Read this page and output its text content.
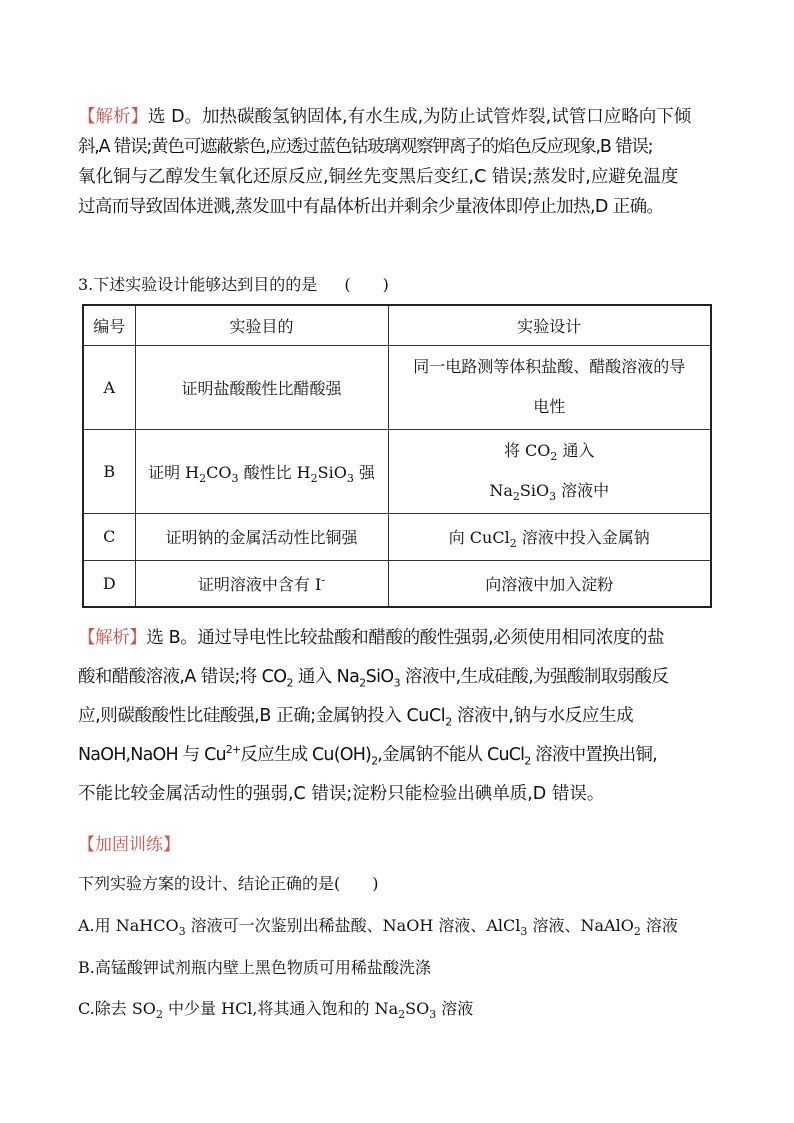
【解析】选 D。加热碳酸氢钠固体,有水生成,为防止试管炸裂,试管口应略向下倾
斜,A 错误;黄色可遮蔽紫色,应透过蓝色钴玻璃观察钾离子的焰色反应现象,B 错误;
氧化铜与乙醇发生氧化还原反应,铜丝先变黑后变红,C 错误;蒸发时,应避免温度
过高而导致固体迸溅,蒸发皿中有晶体析出并剩余少量液体即停止加热,D 正确。
3.下述实验设计能够达到目的的是 (　　)
编号	实验目的	实验设计
A	证明盐酸酸性比醋酸强	同一电路测等体积盐酸、醋酸溶液的导
电性

B	证明 $H_2CO_3$ 酸性比 $H_2SiO_3$ 强	将 $CO_2$ 通入
$Na_2SiO_3$ 溶液中

C	证明钠的金属活动性比铜强	向 CuCl$_2$ 溶液中投入金属钠
D	证明溶液中含有 I-	向溶液中加入淀粉
【解析】选 B。通过导电性比较盐酸和醋酸的酸性强弱,必须使用相同浓度的盐
酸和醋酸溶液,A 错误;将 $CO_2$ 通入 $Na_2SiO_3$ 溶液中,生成硅酸,为强酸制取弱酸反
应,则碳酸酸性比硅酸强,B 正确;金属钠投入 CuCl$_2$ 溶液中,钠与水反应生成
NaOH,NaOH 与 $Cu^{2+}$反应生成 $Cu(OH)_2$,金属钠不能从 CuCl$_2$ 溶液中置换出铜,
不能比较金属活动性的强弱,C 错误;淀粉只能检验出碘单质,D 错误。
【加固训练】
下列实验方案的设计、结论正确的是(　　)
A.用 NaHCO$_3$ 溶液可一次鉴别出稀盐酸、NaOH 溶液、AlCl$_3$ 溶液、NaAlO$_2$ 溶液
B.高锰酸钾试剂瓶内壁上黑色物质可用稀盐酸洗涤
C.除去 $SO_2$ 中少量 HCl,将其通入饱和的 $Na_2SO_3$ 溶液
